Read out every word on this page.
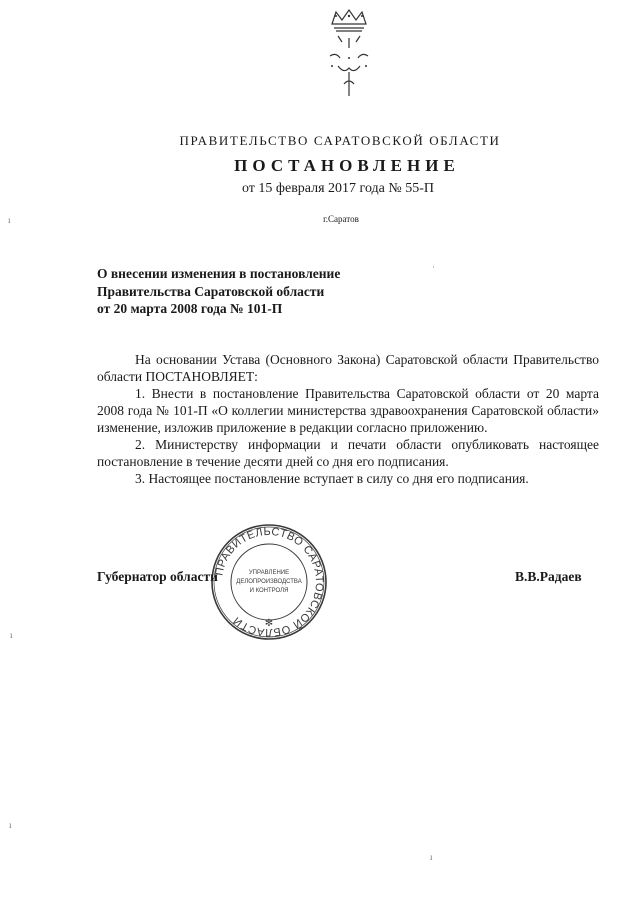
ПРАВИТЕЛЬСТВО САРАТОВСКОЙ ОБЛАСТИ
ПОСТАНОВЛЕНИЕ
от 15 февраля 2017 года № 55-П
г.Саратов
О внесении изменения в постановление
Правительства Саратовской области
от 20 марта 2008 года № 101-П

На основании Устава (Основного Закона) Саратовской области Правительство области ПОСТАНОВЛЯЕТ:

1. Внести в постановление Правительства Саратовской области от 20 марта 2008 года № 101-П «О коллегии министерства здравоохранения Саратовской области» изменение, изложив приложение в редакции согласно приложению.

2. Министерству информации и печати области опубликовать настоящее постановление в течение десяти дней со дня его подписания.

3. Настоящее постановление вступает в силу со дня его подписания.

ПРАВИТЕЛЬСТВО САРАТОВСКОЙ ОБЛАСТИ
УПРАВЛЕНИЕ
ДЕЛОПРОИЗВОДСТВА
И КОНТРОЛЯ
✻
Губернатор области	В.В.Радаев
ı
ı
ı
·
ı
